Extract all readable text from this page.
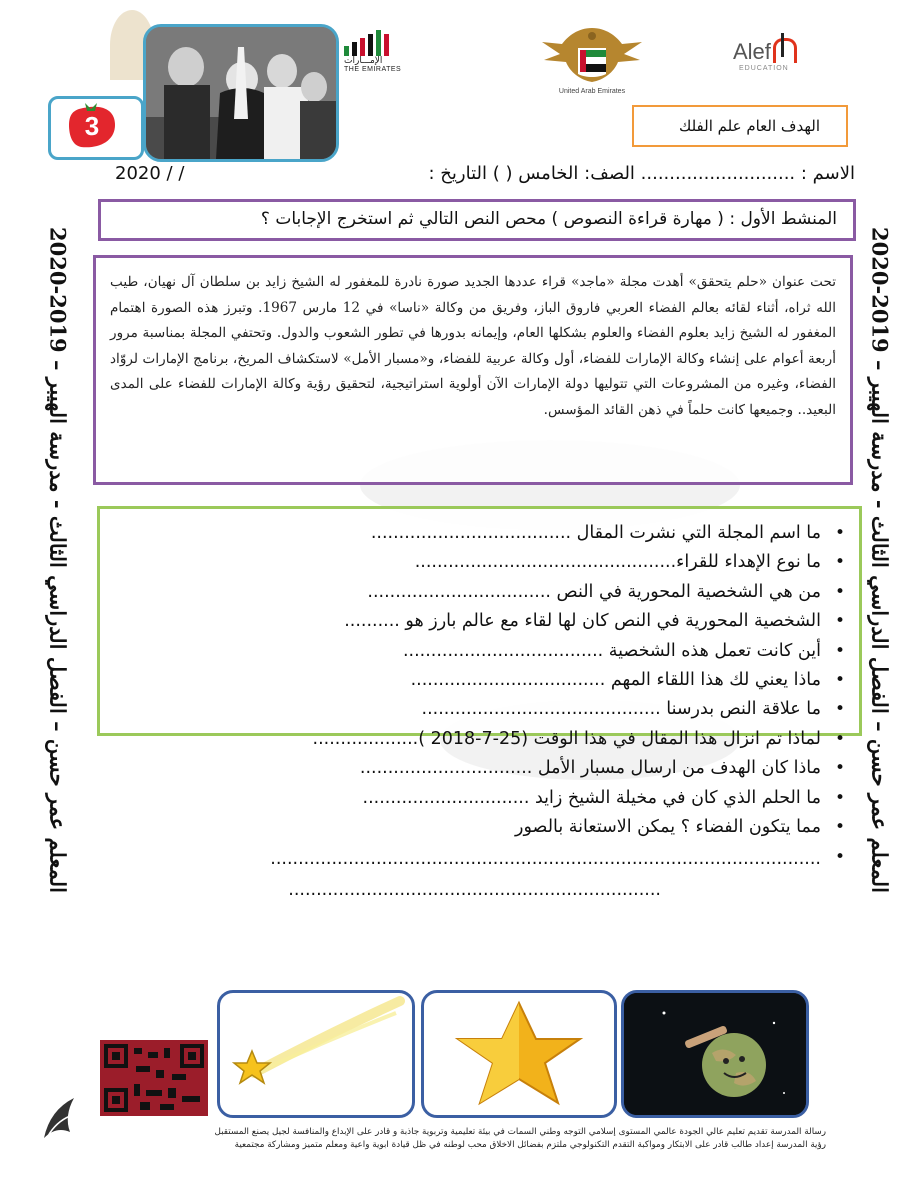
المعلم عمر حسن – الفصل الدراسي الثالث - مدرسة الهيبر – 2019-2020
المعلم عمر حسن – الفصل الدراسي الثالث - مدرسة الهيبر – 2019-2020
Alef
EDUCATION
United Arab Emirates
الإمـــارات
THE EMIRATES
3	الهدف العام علم الفلك
الاسم : ........................... الصف: الخامس ( ) التاريخ :
2020 / /
المنشط الأول : ( مهارة قراءة النصوص ) محص النص التالي ثم استخرج الإجابات ؟
تحت عنوان «حلم يتحقق» أهدت مجلة «ماجد» قراء عددها الجديد صورة نادرة للمغفور له الشيخ زايد بن سلطان آل نهيان، طيب الله ثراه، أثناء لقائه بعالم الفضاء العربي فاروق الباز، وفريق من وكالة «ناسا» في 12 مارس 1967. وتبرز هذه الصورة اهتمام المغفور له الشيخ زايد بعلوم الفضاء والعلوم بشكلها العام، وإيمانه بدورها في تطور الشعوب والدول. وتحتفي المجلة بمناسبة مرور أربعة أعوام على إنشاء وكالة الإمارات للفضاء، أول وكالة عربية للفضاء، و«مسبار الأمل» لاستكشاف المريخ، برنامج الإمارات لروّاد الفضاء، وغيره من المشروعات التي تتوليها دولة الإمارات الآن أولوية استراتيجية، لتحقيق رؤية وكالة الإمارات للفضاء على المدى البعيد.. وجميعها كانت حلماً في ذهن القائد المؤسس.
• ما اسم المجلة التي نشرت المقال ....................................
• ما نوع الإهداء للقراء...............................................
• من هي الشخصية المحورية في النص .................................
• الشخصية المحورية في النص كان لها لقاء مع عالم بارز هو ..........
• أين كانت تعمل هذه الشخصية ....................................
• ماذا يعني لك هذا اللقاء المهم ...................................
• ما علاقة النص بدرسنا ...........................................
• لماذا تم انزال هذا المقال في هذا الوقت (25-7-2018 )...................
• ماذا كان الهدف من ارسال مسبار الأمل ...............................
• ما الحلم الذي كان في مخيلة الشيخ زايد ..............................
• مما يتكون الفضاء ؟ يمكن الاستعانة بالصور
• ...................................................................................................
...................................................................
رسالة المدرسة تقديم تعليم عالي الجودة عالمي المستوى إسلامي التوجه وطني السمات في بيئة تعليمية وتربوية جاذبة و قادر على الإبداع والمنافسة لجيل يصنع المستقبل
رؤية المدرسة إعداد طالب قادر على الابتكار ومواكبة التقدم التكنولوجي ملتزم بفضائل الاخلاق محب لوطنه في ظل قيادة ابوية واعية ومعلم متميز ومشاركة مجتمعية
